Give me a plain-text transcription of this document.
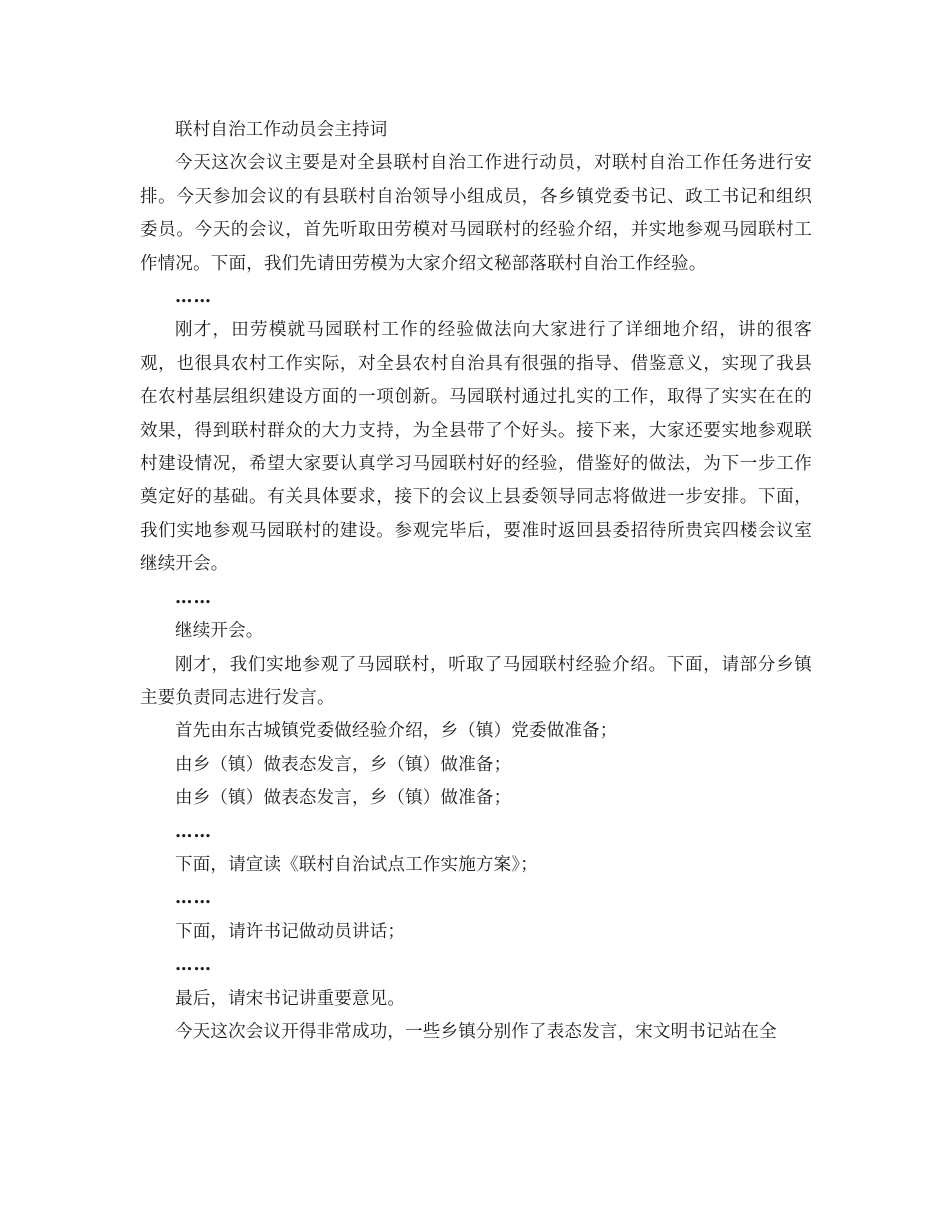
联村自治工作动员会主持词

今天这次会议主要是对全县联村自治工作进行动员，对联村自治工作任务进行安排。今天参加会议的有县联村自治领导小组成员，各乡镇党委书记、政工书记和组织委员。今天的会议，首先听取田劳模对马园联村的经验介绍，并实地参观马园联村工作情况。下面，我们先请田劳模为大家介绍文秘部落联村自治工作经验。

……

刚才，田劳模就马园联村工作的经验做法向大家进行了详细地介绍，讲的很客观，也很具农村工作实际，对全县农村自治具有很强的指导、借鉴意义，实现了我县在农村基层组织建设方面的一项创新。马园联村通过扎实的工作，取得了实实在在的效果，得到联村群众的大力支持，为全县带了个好头。接下来，大家还要实地参观联村建设情况，希望大家要认真学习马园联村好的经验，借鉴好的做法，为下一步工作奠定好的基础。有关具体要求，接下的会议上县委领导同志将做进一步安排。下面，我们实地参观马园联村的建设。参观完毕后，要准时返回县委招待所贵宾四楼会议室继续开会。

……

继续开会。

刚才，我们实地参观了马园联村，听取了马园联村经验介绍。下面，请部分乡镇主要负责同志进行发言。

首先由东古城镇党委做经验介绍，乡（镇）党委做准备；

由乡（镇）做表态发言，乡（镇）做准备；

由乡（镇）做表态发言，乡（镇）做准备；

……

下面，请宣读《联村自治试点工作实施方案》；

……

下面，请许书记做动员讲话；

……

最后，请宋书记讲重要意见。

今天这次会议开得非常成功，一些乡镇分别作了表态发言，宋文明书记站在全
